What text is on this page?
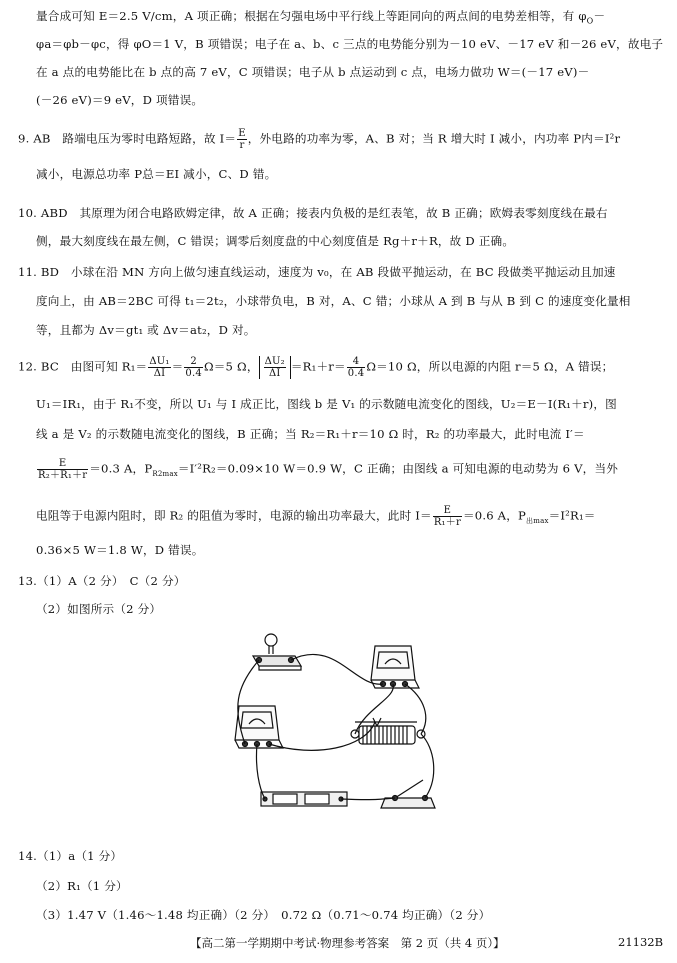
量合成可知 E＝2.5 V/cm，A 项正确；根据在匀强电场中平行线上等距同向的两点间的电势差相等，有 $\varphi_O-$
φa＝φb－φc，得 φO＝1 V，B 项错误；电子在 a、b、c 三点的电势能分别为－10 eV、－17 eV 和－26 eV，故电子
在 a 点的电势能比在 b 点的高 7 eV，C 项错误；电子从 b 点运动到 c 点，电场力做功 W＝(－17 eV)－
(－26 eV)＝9 eV，D 项错误。
9. AB　路端电压为零时电路短路，故 $I= \frac{E}{r}$ ，外电路的功率为零，A、B 对；当 R 增大时 I 减小，内功率 P内＝I²r
减小，电源总功率 P总＝EI 减小，C、D 错。
10. ABD　其原理为闭合电路欧姆定律，故 A 正确；接表内负极的是红表笔，故 B 正确；欧姆表零刻度线在最右
侧，最大刻度线在最左侧，C 错误；调零后刻度盘的中心刻度值是 Rg＋r＋R，故 D 正确。
11. BD　小球在沿 MN 方向上做匀速直线运动，速度为 v₀，在 AB 段做平抛运动，在 BC 段做类平抛运动且加速
度向上，由 AB＝2BC 可得 t₁＝2t₂，小球带负电，B 对，A、C 错；小球从 A 到 B 与从 B 到 C 的速度变化量相
等，且都为 Δv＝gt₁ 或 Δv＝at₂，D 对。
12. BC　由图可知 $R_1= \frac{\text{ΔU₁}}{\Delta I} = \frac{2}{0.4} \Omega=5$ Ω， $\frac{\text{ΔU₂}}{\Delta I} =R_1+r= \frac{4}{0.4} \Omega=10$ Ω，所以电源的内阻 r＝5 Ω，A 错误；
U₁＝IR₁，由于 R₁不变，所以 U₁ 与 I 成正比，图线 b 是 V₁ 的示数随电流变化的图线，U₂＝E－I(R₁＋r)，图
线 a 是 V₂ 的示数随电流变化的图线，B 正确；当 R₂＝R₁＋r＝10 Ω 时，R₂ 的功率最大，此时电流 I′＝
$\frac{E}{\text{R₂＋R₁＋r}} =0.3$ A，$P_{R2max}=I'^2R_2=0.09\times 10$ W＝0.9 W，C 正确；由图线 a 可知电源的电动势为 6 V，当外
电阻等于电源内阻时，即 R₂ 的阻值为零时，电源的输出功率最大，此时 $I= \frac{E}{\text{R₁＋r}} =0.6$ A，$P_{出max}=I^2R_1=$
0.36×5 W＝1.8 W，D 错误。
13.（1）A（2 分）　C（2 分）
（2）如图所示（2 分）
14.（1）a（1 分）
（2）R₁（1 分）
（3）1.47 V（1.46～1.48 均正确）（2 分）　0.72 Ω（0.71～0.74 均正确）（2 分）
【高二第一学期期中考试·物理参考答案　第 2 页（共 4 页）】	21132B
